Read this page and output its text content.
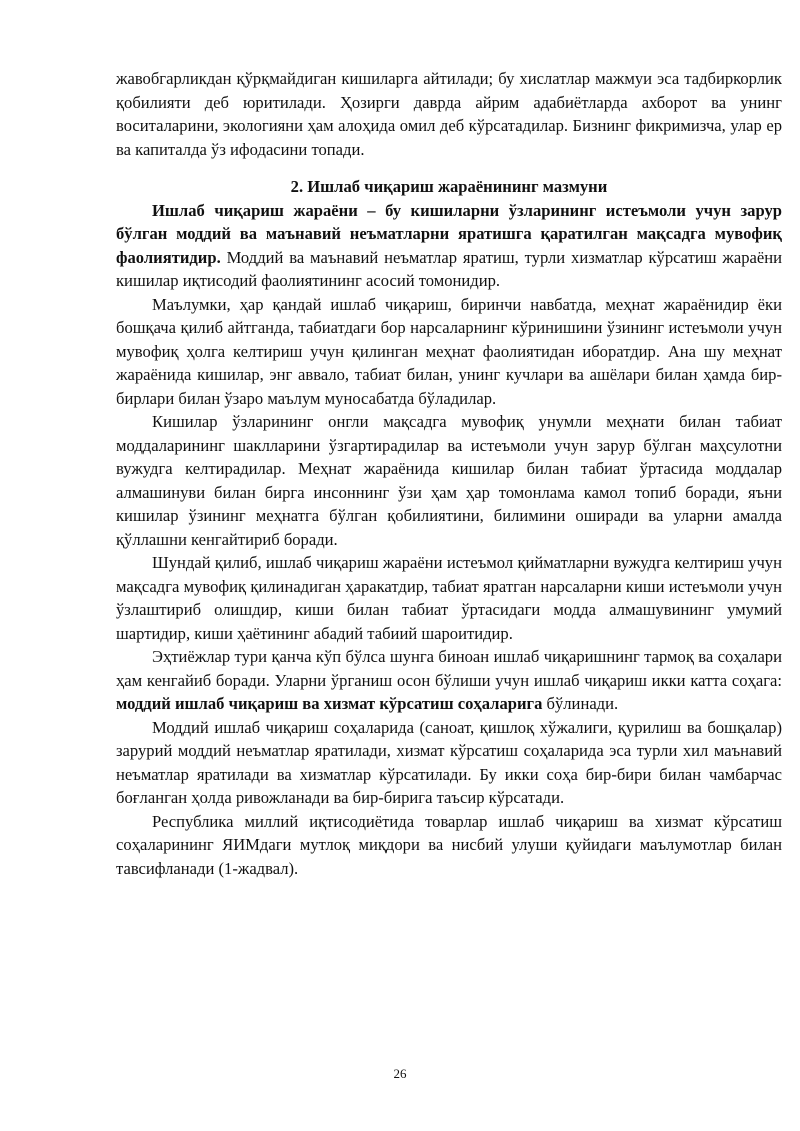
жавобгарликдан қўрқмайдиган кишиларга айтилади; бу хислатлар мажмуи эса тадбиркорлик қобилияти деб юритилади. Ҳозирги даврда айрим адабиётларда ахборот ва унинг воситаларини, экологияни ҳам алоҳида омил деб кўрсатадилар. Бизнинг фикримизча, улар ер ва капиталда ўз ифодасини топади.

2. Ишлаб чиқариш жараёнининг мазмуни

Ишлаб чиқариш жараёни – бу кишиларни ўзларининг истеъмоли учун зарур бўлган моддий ва маънавий неъматларни яратишга қаратилган мақсадга мувофиқ фаолиятидир. Моддий ва маънавий неъматлар яратиш, турли хизматлар кўрсатиш жараёни кишилар иқтисодий фаолиятининг асосий томонидир.

Маълумки, ҳар қандай ишлаб чиқариш, биринчи навбатда, меҳнат жараёнидир ёки бошқача қилиб айтганда, табиатдаги бор нарсаларнинг кўринишини ўзининг истеъмоли учун мувофиқ ҳолга келтириш учун қилинган меҳнат фаолиятидан иборатдир. Ана шу меҳнат жараёнида кишилар, энг аввало, табиат билан, унинг кучлари ва ашёлари билан ҳамда бир-бирлари билан ўзаро маълум муносабатда бўладилар.

Кишилар ўзларининг онгли мақсадга мувофиқ унумли меҳнати билан табиат моддаларининг шаклларини ўзгартирадилар ва истеъмоли учун зарур бўлган маҳсулотни вужудга келтирадилар. Меҳнат жараёнида кишилар билан табиат ўртасида моддалар алмашинуви билан бирга инсоннинг ўзи ҳам ҳар томонлама камол топиб боради, яъни кишилар ўзининг меҳнатга бўлган қобилиятини, билимини оширади ва уларни амалда қўллашни кенгайтириб боради.

Шундай қилиб, ишлаб чиқариш жараёни истеъмол қийматларни вужудга келтириш учун мақсадга мувофиқ қилинадиган ҳаракатдир, табиат яратган нарсаларни киши истеъмоли учун ўзлаштириб олишдир, киши билан табиат ўртасидаги модда алмашувининг умумий шартидир, киши ҳаётининг абадий табиий шароитидир.

Эҳтиёжлар тури қанча кўп бўлса шунга биноан ишлаб чиқаришнинг тармоқ ва соҳалари ҳам кенгайиб боради. Уларни ўрганиш осон бўлиши учун ишлаб чиқариш икки катта соҳага: моддий ишлаб чиқариш ва хизмат кўрсатиш соҳаларига бўлинади.

Моддий ишлаб чиқариш соҳаларида (саноат, қишлоқ хўжалиги, қурилиш ва бошқалар) зарурий моддий неъматлар яратилади, хизмат кўрсатиш соҳаларида эса турли хил маънавий неъматлар яратилади ва хизматлар кўрсатилади. Бу икки соҳа бир-бири билан чамбарчас боғланган ҳолда ривожланади ва бир-бирига таъсир кўрсатади.

Республика миллий иқтисодиётида товарлар ишлаб чиқариш ва хизмат кўрсатиш соҳаларининг ЯИМдаги мутлоқ миқдори ва нисбий улуши қуйидаги маълумотлар билан тавсифланади (1-жадвал).

26
